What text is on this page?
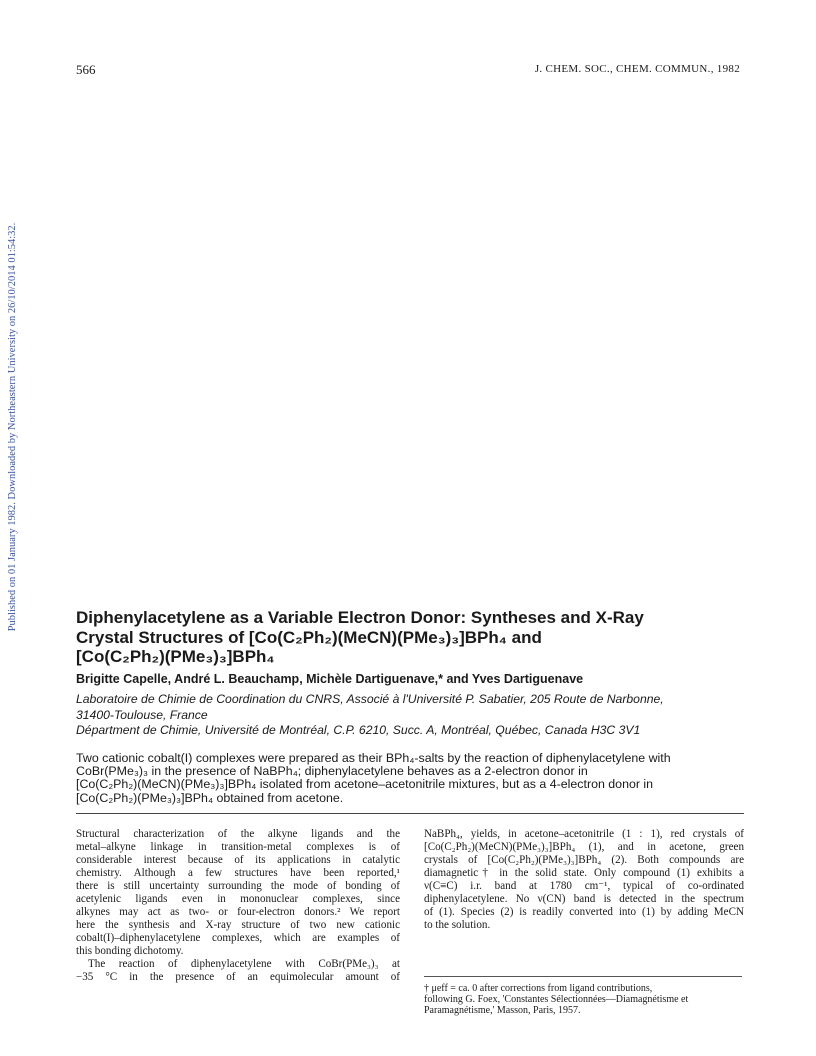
Published on 01 January 1982. Downloaded by Northeastern University on 26/10/2014 01:54:32.
566	J. CHEM. SOC., CHEM. COMMUN., 1982
Diphenylacetylene as a Variable Electron Donor: Syntheses and X-Ray
Crystal Structures of [Co(C₂Ph₂)(MeCN)(PMe₃)₃]BPh₄ and
[Co(C₂Ph₂)(PMe₃)₃]BPh₄
Brigitte Capelle, André L. Beauchamp, Michèle Dartiguenave,* and Yves Dartiguenave
Laboratoire de Chimie de Coordination du CNRS, Associé à l'Université P. Sabatier, 205 Route de Narbonne,
31400-Toulouse, France
Départment de Chimie, Université de Montréal, C.P. 6210, Succ. A, Montréal, Québec, Canada H3C 3V1
Two cationic cobalt(I) complexes were prepared as their BPh₄-salts by the reaction of diphenylacetylene with
CoBr(PMe₃)₃ in the presence of NaBPh₄; diphenylacetylene behaves as a 2-electron donor in
[Co(C₂Ph₂)(MeCN)(PMe₃)₃]BPh₄ isolated from acetone–acetonitrile mixtures, but as a 4-electron donor in
[Co(C₂Ph₂)(PMe₃)₃]BPh₄ obtained from acetone.
Structural characterization of the alkyne ligands and the
metal–alkyne linkage in transition-metal complexes is of
considerable interest because of its applications in catalytic
chemistry. Although a few structures have been reported,¹
there is still uncertainty surrounding the mode of bonding of
acetylenic ligands even in mononuclear complexes, since
alkynes may act as two- or four-electron donors.² We report
here the synthesis and X-ray structure of two new cationic
cobalt(I)–diphenylacetylene complexes, which are examples of
this bonding dichotomy.
The reaction of diphenylacetylene with CoBr(PMe₃)₃ at
−35 °C in the presence of an equimolecular amount of
NaBPh₄, yields, in acetone–acetonitrile (1 : 1), red crystals of
[Co(C₂Ph₂)(MeCN)(PMe₃)₃]BPh₄ (1), and in acetone, green
crystals of [Co(C₂Ph₂)(PMe₃)₃]BPh₄ (2). Both compounds are
diamagnetic† in the solid state. Only compound (1) exhibits a
ν(C≡C) i.r. band at 1780 cm⁻¹, typical of co-ordinated
diphenylacetylene. No ν(CN) band is detected in the spectrum
of (1). Species (2) is readily converted into (1) by adding MeCN
to the solution.
† μeff = ca. 0 after corrections from ligand contributions,
following G. Foex, 'Constantes Sélectionnées—Diamagnétisme et
Paramagnétisme,' Masson, Paris, 1957.
